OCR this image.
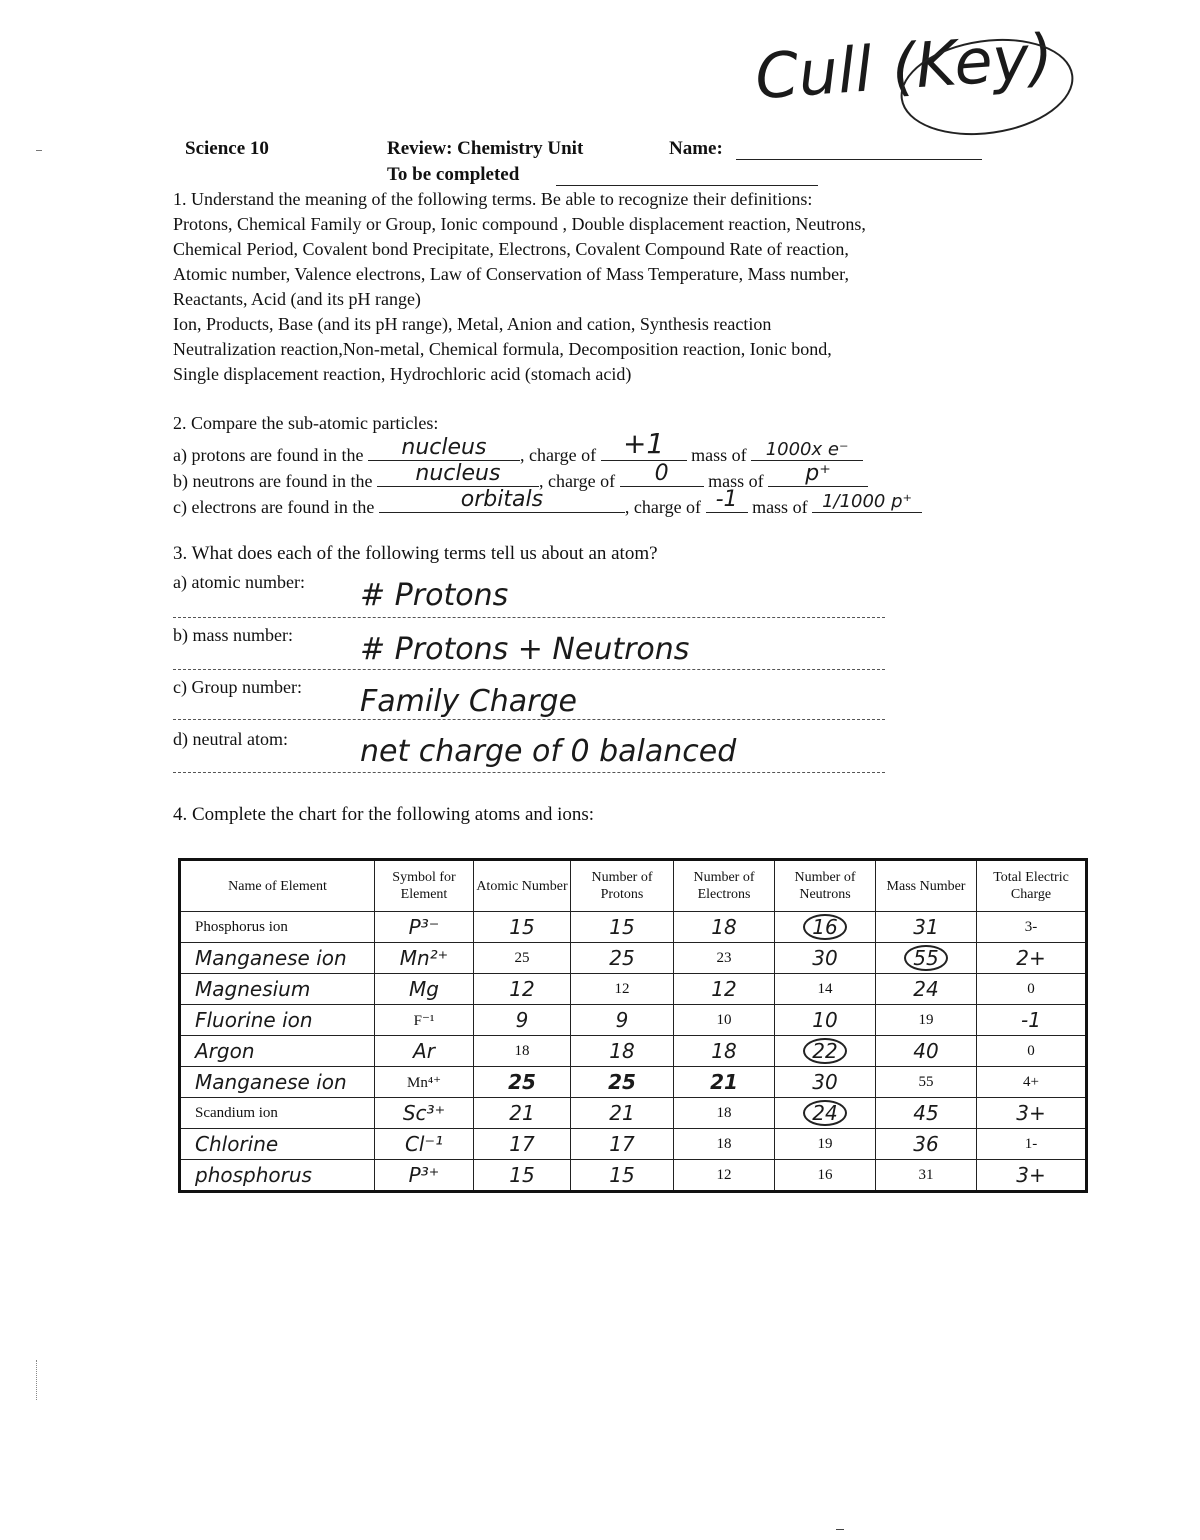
Cull (Key)
Science 10	Review: Chemistry Unit	Name:
To be completed
1. Understand the meaning of the following terms. Be able to recognize their definitions:
Protons, Chemical Family or Group, Ionic compound , Double displacement reaction, Neutrons,
Chemical Period, Covalent bond Precipitate, Electrons, Covalent Compound Rate of reaction,
Atomic number, Valence electrons, Law of Conservation of Mass Temperature, Mass number,
Reactants, Acid (and its pH range)
Ion, Products, Base (and its pH range), Metal, Anion and cation, Synthesis reaction
Neutralization reaction,Non-metal, Chemical formula, Decomposition reaction, Ionic bond,
Single displacement reaction, Hydrochloric acid (stomach acid)
2. Compare the sub-atomic particles:
a) protons are found in the	nucleus	, charge of +1	mass of	1000x e⁻
b) neutrons are found in the	nucleus	, charge of	0	mass of	p⁺
c) electrons are found in the	orbitals	, charge of -1 mass of 1/1000 p⁺
3. What does each of the following terms tell us about an atom?
a) atomic number: # Protons
b) mass number: # Protons + Neutrons
c) Group number: Family Charge
d) neutral atom: net charge of 0 balanced
4. Complete the chart for the following atoms and ions:
Name of Element	Symbol for Element	Atomic Number	Number of Protons	Number of Electrons	Number of Neutrons	Mass Number	Total Electric Charge
Phosphorus ion	P³⁻	15	15	18	16	31	3-
Manganese ion	Mn²⁺	25	25	23	30	55	2+
Magnesium	Mg	12	12	12	14	24	0
Fluorine ion	F⁻¹	9	9	10	10	19	-1
Argon	Ar	18	18	18	22	40	0
Manganese ion	Mn⁴⁺	25	25	21	30	55	4+
Scandium ion	Sc³⁺	21	21	18	24	45	3+
Chlorine	Cl⁻¹	17	17	18	19	36	1-
phosphorus	P³⁺	15	15	12	16	31	3+
